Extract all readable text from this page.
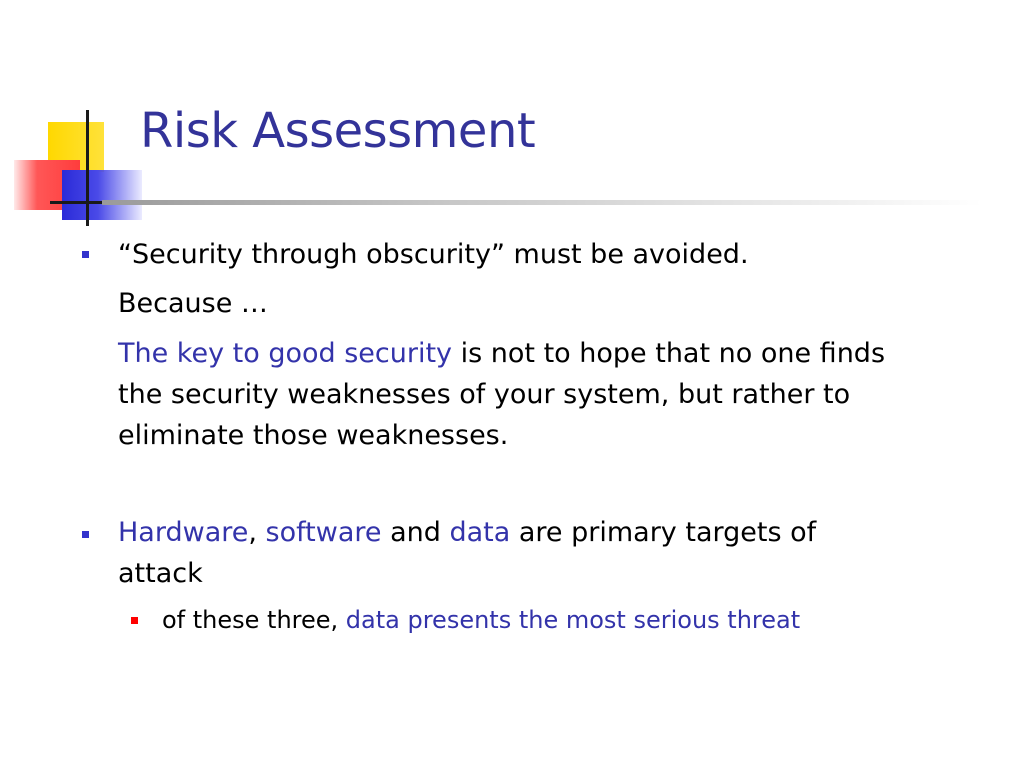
Risk Assessment
“Security through obscurity” must be avoided.
Because …
The key to good security is not to hope that no one finds
the security weaknesses of your system, but rather to
eliminate those weaknesses.
Hardware, software and data are primary targets of
attack
of these three, data presents the most serious threat
